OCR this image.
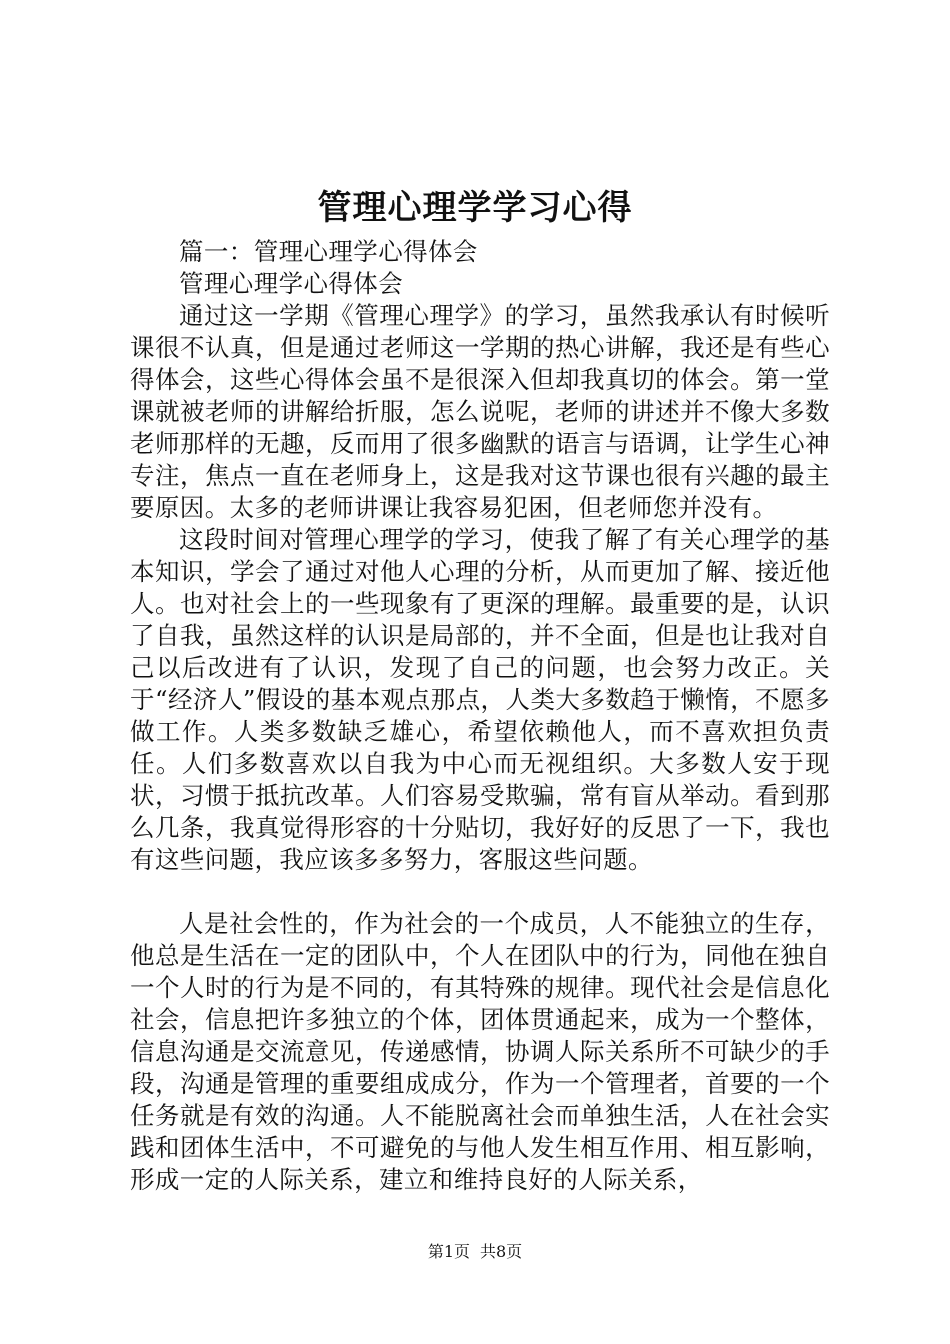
管理心理学学习心得

篇一：管理心理学心得体会

管理心理学心得体会

通过这一学期《管理心理学》的学习，虽然我承认有时候听课很不认真，但是通过老师这一学期的热心讲解，我还是有些心得体会，这些心得体会虽不是很深入但却我真切的体会。第一堂课就被老师的讲解给折服，怎么说呢，老师的讲述并不像大多数老师那样的无趣，反而用了很多幽默的语言与语调，让学生心神专注，焦点一直在老师身上，这是我对这节课也很有兴趣的最主要原因。太多的老师讲课让我容易犯困，但老师您并没有。

这段时间对管理心理学的学习，使我了解了有关心理学的基本知识，学会了通过对他人心理的分析，从而更加了解、接近他人。也对社会上的一些现象有了更深的理解。最重要的是，认识了自我，虽然这样的认识是局部的，并不全面，但是也让我对自己以后改进有了认识，发现了自己的问题，也会努力改正。关于“经济人”假设的基本观点那点，人类大多数趋于懒惰，不愿多做工作。人类多数缺乏雄心，希望依赖他人，而不喜欢担负责任。人们多数喜欢以自我为中心而无视组织。大多数人安于现状，习惯于抵抗改革。人们容易受欺骗，常有盲从举动。看到那么几条，我真觉得形容的十分贴切，我好好的反思了一下，我也有这些问题，我应该多多努力，客服这些问题。

人是社会性的，作为社会的一个成员，人不能独立的生存，他总是生活在一定的团队中，个人在团队中的行为，同他在独自一个人时的行为是不同的，有其特殊的规律。现代社会是信息化社会，信息把许多独立的个体，团体贯通起来，成为一个整体，信息沟通是交流意见，传递感情，协调人际关系所不可缺少的手段，沟通是管理的重要组成成分，作为一个管理者，首要的一个任务就是有效的沟通。人不能脱离社会而单独生活，人在社会实践和团体生活中，不可避免的与他人发生相互作用、相互影响，形成一定的人际关系，建立和维持良好的人际关系，

第1页 共8页
